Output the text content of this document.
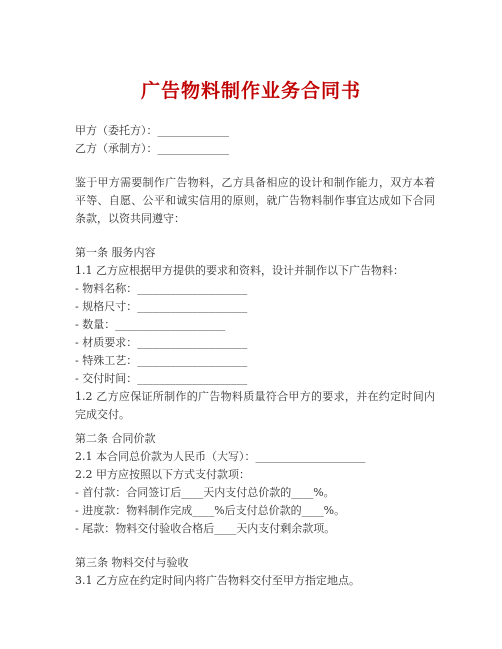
广告物料制作业务合同书
甲方（委托方）：_____________
乙方（承制方）：_____________
鉴于甲方需要制作广告物料，乙方具备相应的设计和制作能力，双方本着平等、自愿、公平和诚实信用的原则，就广告物料制作事宜达成如下合同条款，以资共同遵守：
第一条 服务内容
1.1 乙方应根据甲方提供的要求和资料，设计并制作以下广告物料：
- 物料名称：____________________
- 规格尺寸：____________________
- 数量：____________________
- 材质要求：____________________
- 特殊工艺：____________________
- 交付时间：____________________
1.2 乙方应保证所制作的广告物料质量符合甲方的要求，并在约定时间内完成交付。
第二条 合同价款
2.1 本合同总价款为人民币（大写）：____________________
2.2 甲方应按照以下方式支付款项：
- 首付款：合同签订后____天内支付总价款的____%。
- 进度款：物料制作完成____%后支付总价款的____%。
- 尾款：物料交付验收合格后____天内支付剩余款项。
第三条 物料交付与验收
3.1 乙方应在约定时间内将广告物料交付至甲方指定地点。
